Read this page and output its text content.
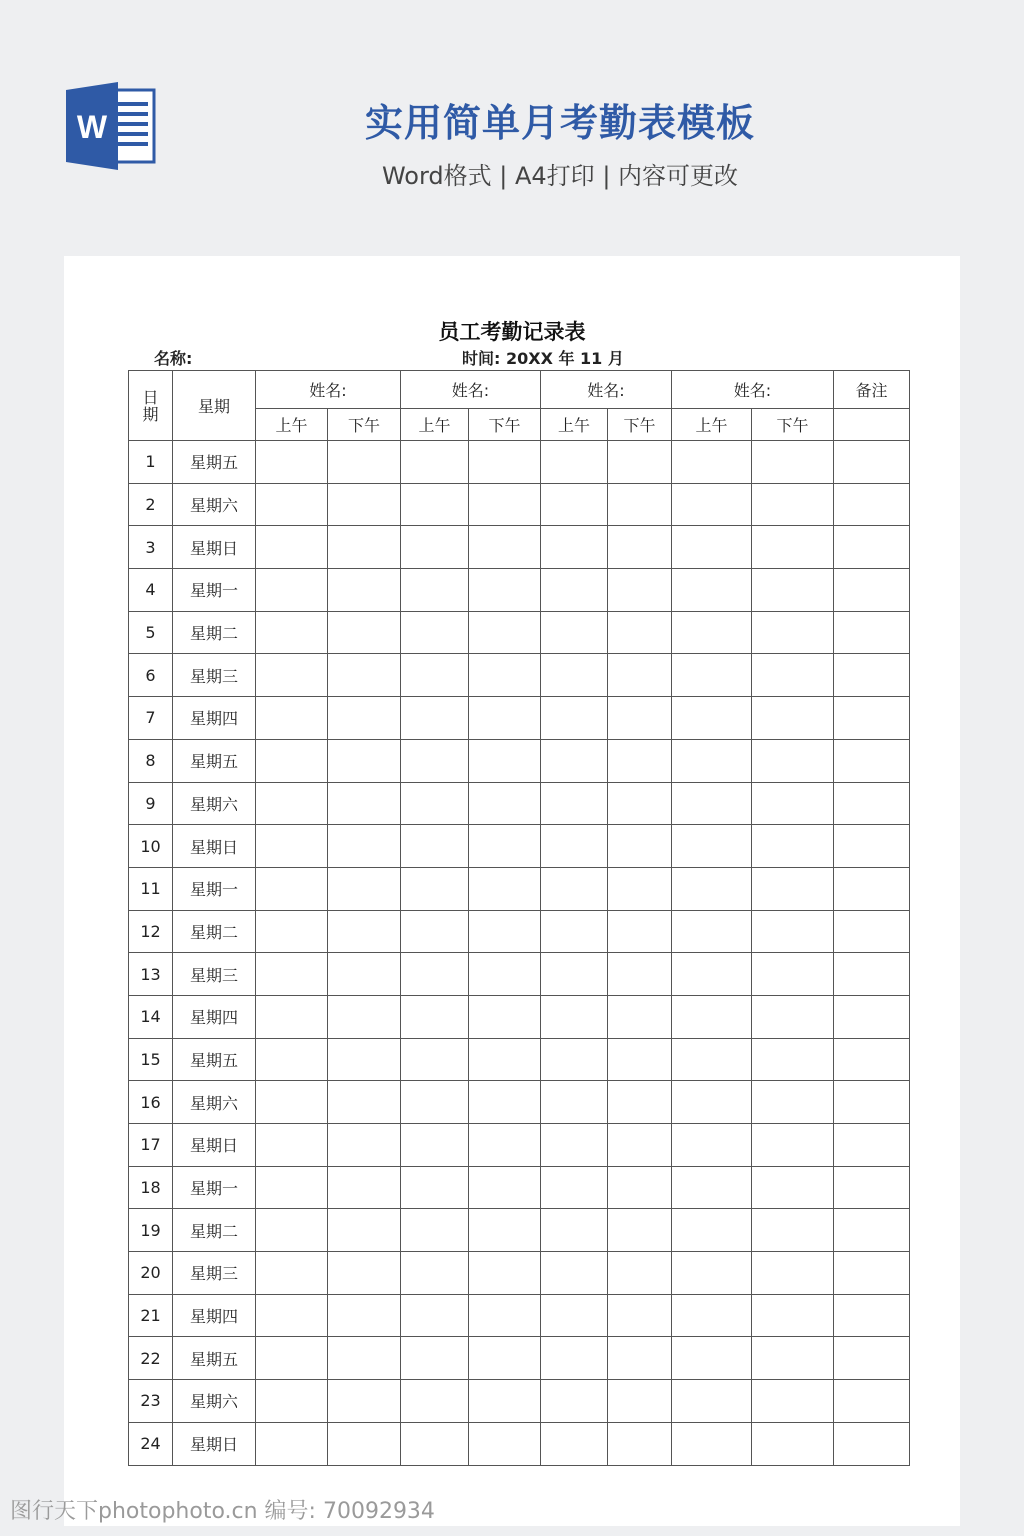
W	实用简单月考勤表模板
Word格式 | A4打印 | 内容可更改
员工考勤记录表
名称:	时间: 20XX 年 11 月
日
期	星期	姓名:		姓名:		姓名:		姓名:		备注
		上午	下午	上午	下午	上午	下午	上午	下午	
1	星期五									
2	星期六									
3	星期日									
4	星期一									
5	星期二									
6	星期三									
7	星期四									
8	星期五									
9	星期六									
10	星期日									
11	星期一									
12	星期二									
13	星期三									
14	星期四									
15	星期五									
16	星期六									
17	星期日									
18	星期一									
19	星期二									
20	星期三									
21	星期四									
22	星期五									
23	星期六									
24	星期日									
图行天下photophoto.cn 编号: 70092934
